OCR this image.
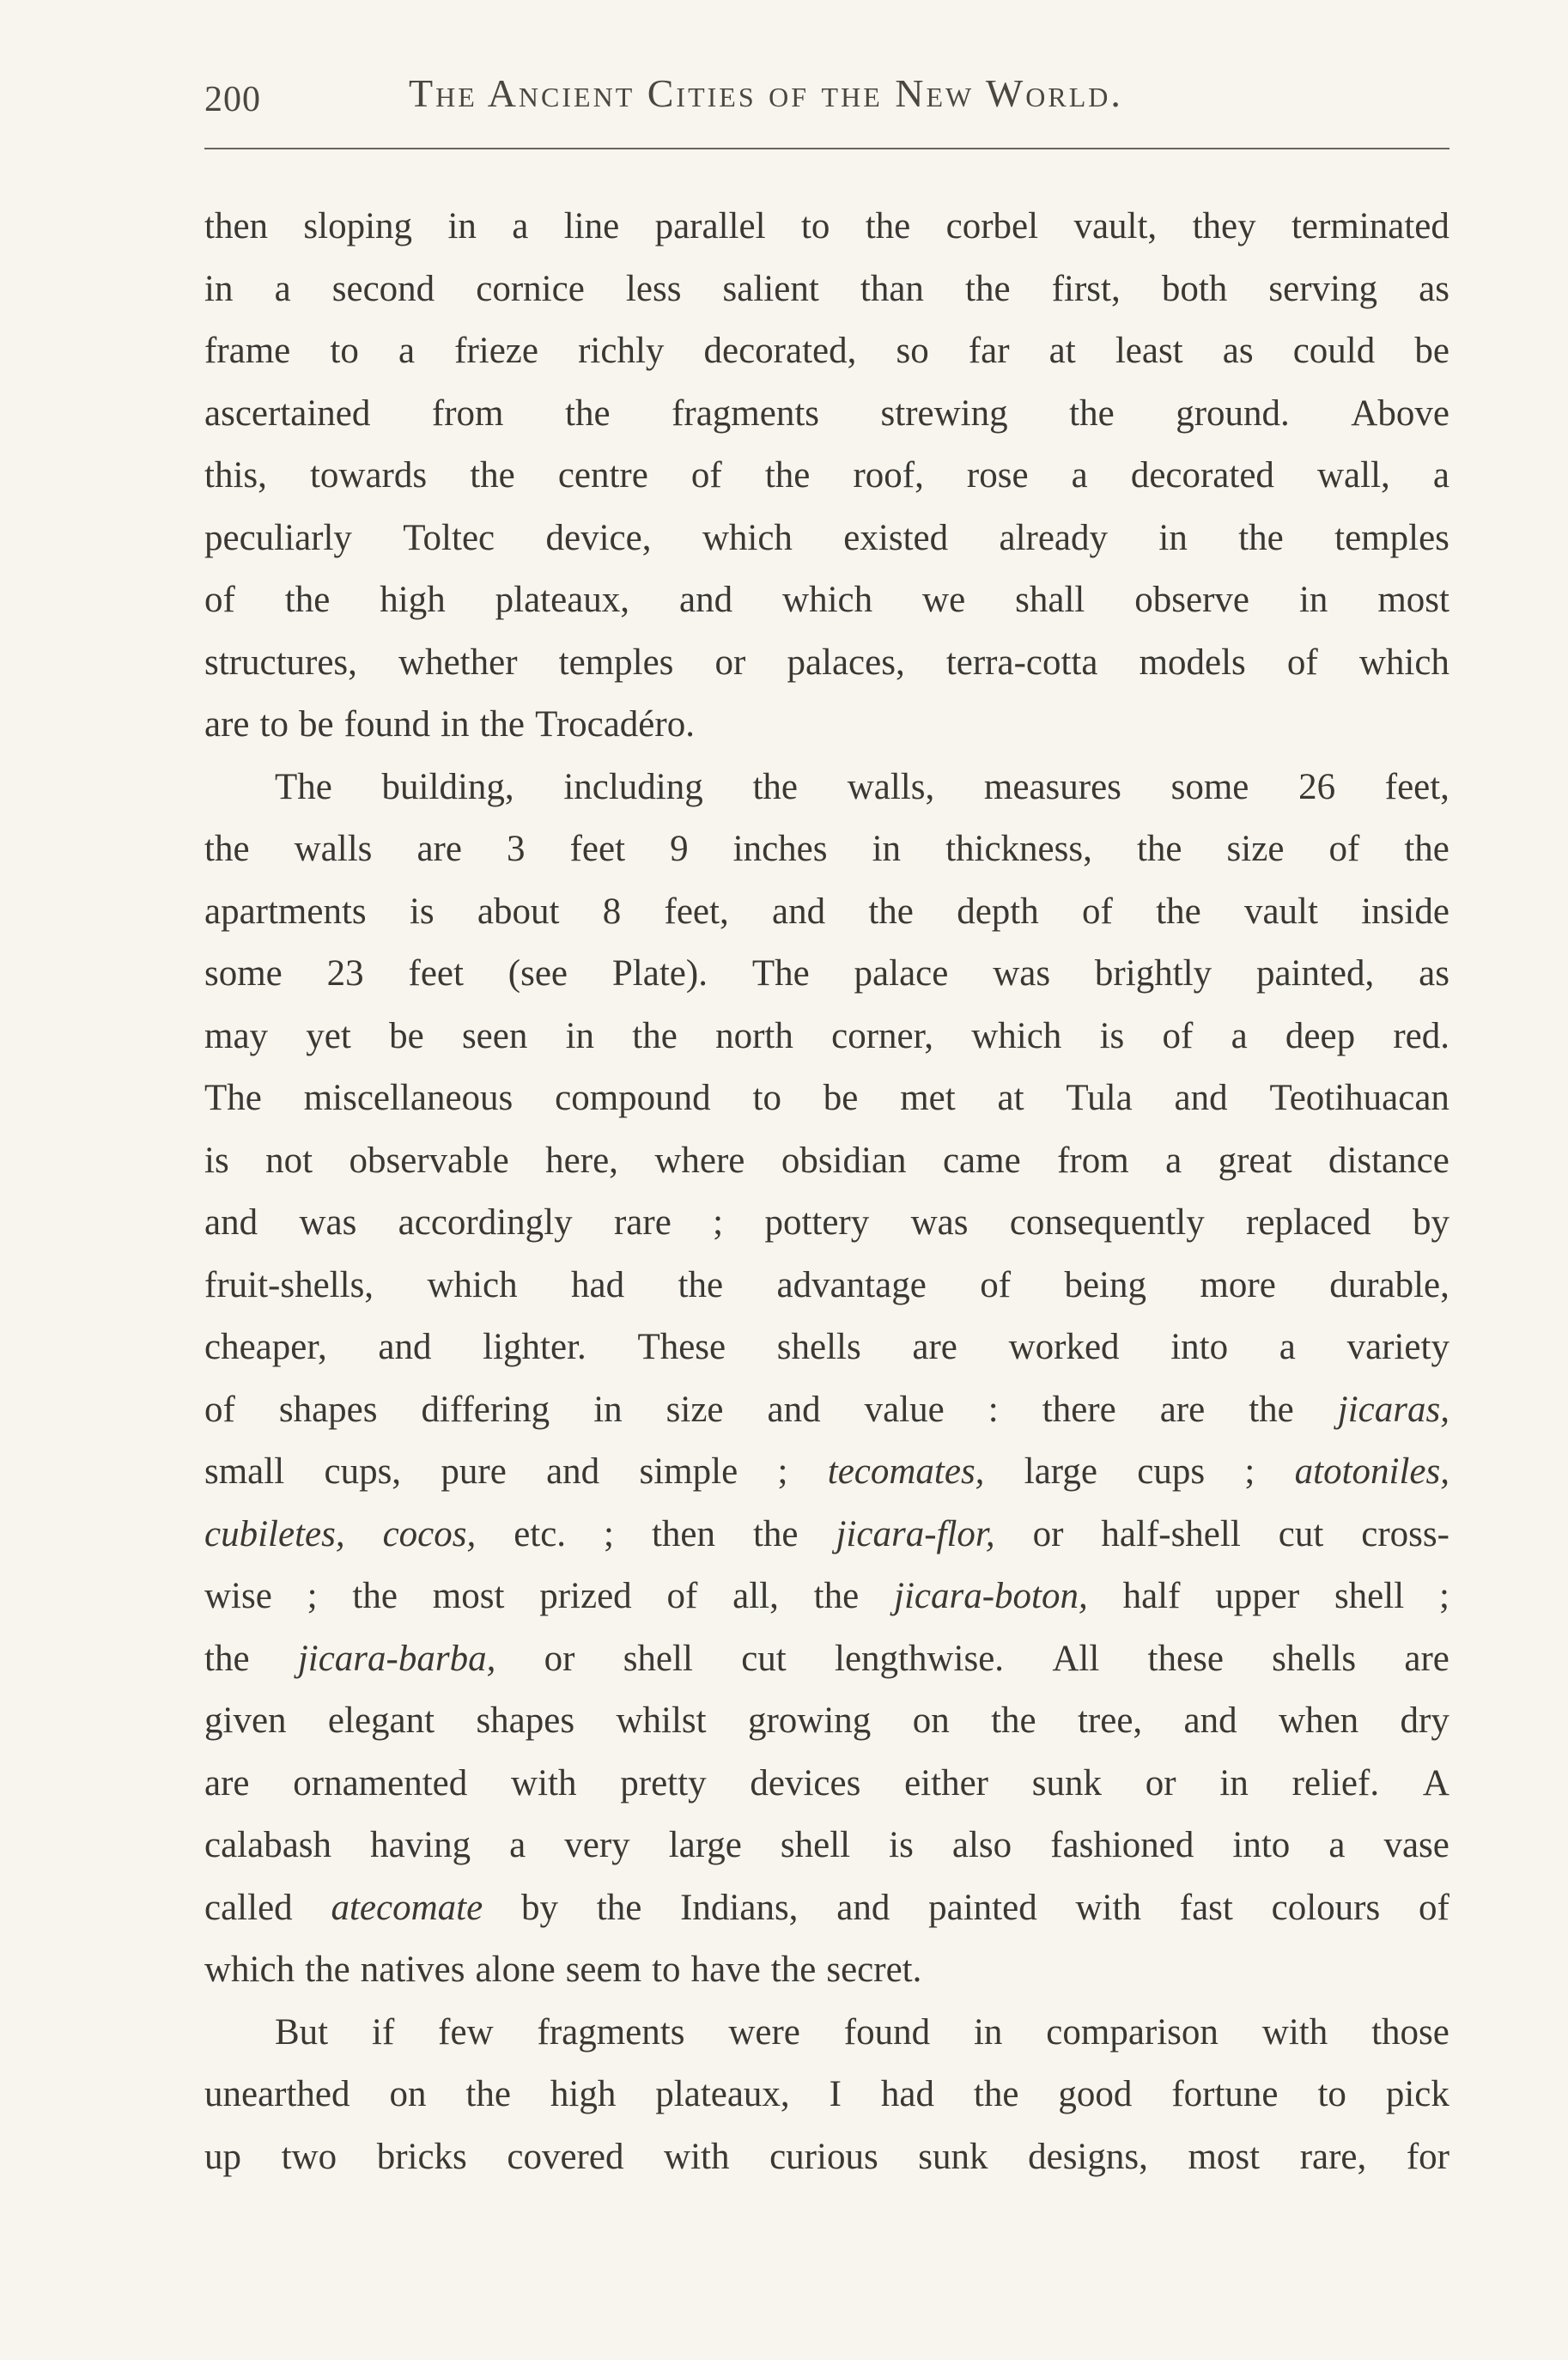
200	The Ancient Cities of the New World.
then sloping in a line parallel to the corbel vault, they terminated
in a second cornice less salient than the first, both serving as
frame to a frieze richly decorated, so far at least as could be
ascertained from the fragments strewing the ground. Above
this, towards the centre of the roof, rose a decorated wall, a
peculiarly Toltec device, which existed already in the temples
of the high plateaux, and which we shall observe in most
structures, whether temples or palaces, terra-cotta models of which
are to be found in the Trocadéro.
The building, including the walls, measures some 26 feet,
the walls are 3 feet 9 inches in thickness, the size of the
apartments is about 8 feet, and the depth of the vault inside
some 23 feet (see Plate). The palace was brightly painted, as
may yet be seen in the north corner, which is of a deep red.
The miscellaneous compound to be met at Tula and Teotihuacan
is not observable here, where obsidian came from a great distance
and was accordingly rare ; pottery was consequently replaced by
fruit-shells, which had the advantage of being more durable,
cheaper, and lighter. These shells are worked into a variety
of shapes differing in size and value : there are the jicaras,
small cups, pure and simple ; tecomates, large cups ; atotoniles,
cubiletes, cocos, etc. ; then the jicara-flor, or half-shell cut cross-
wise ; the most prized of all, the jicara-boton, half upper shell ;
the jicara-barba, or shell cut lengthwise. All these shells are
given elegant shapes whilst growing on the tree, and when dry
are ornamented with pretty devices either sunk or in relief. A
calabash having a very large shell is also fashioned into a vase
called atecomate by the Indians, and painted with fast colours of
which the natives alone seem to have the secret.
But if few fragments were found in comparison with those
unearthed on the high plateaux, I had the good fortune to pick
up two bricks covered with curious sunk designs, most rare, for
